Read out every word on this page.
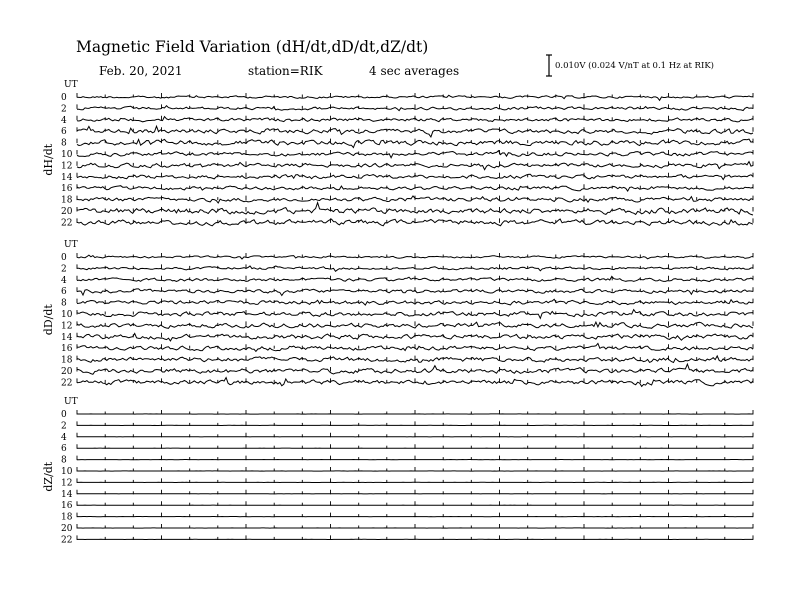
Magnetic Field Variation (dH/dt,dD/dt,dZ/dt)
Feb. 20, 2021	station=RIK	4 sec averages	0.010V (0.024 V/nT at 0.1 Hz at RIK)
UT
dH/dt
0
2
4
6
8
10
12
14
16
18
20
22
UT
dD/dt
0
2
4
6
8
10
12
14
16
18
20
22
UT
dZ/dt
0
2
4
6
8
10
12
14
16
18
20
22
